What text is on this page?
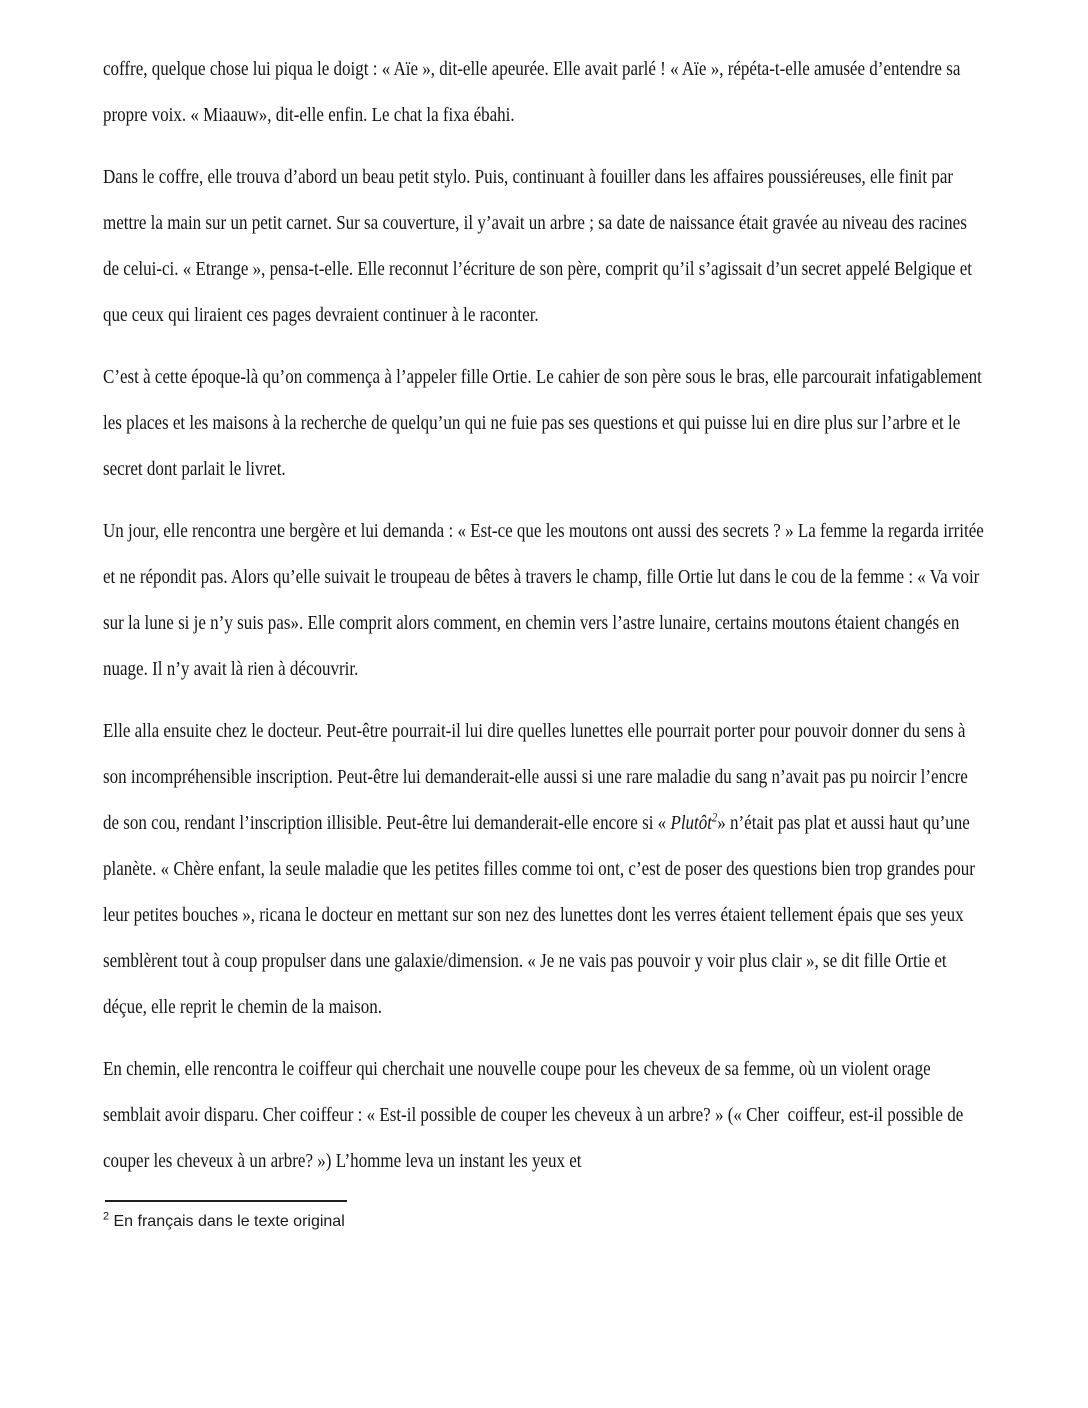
coffre, quelque chose lui piqua le doigt : « Aïe », dit-elle apeurée. Elle avait parlé ! « Aïe », répéta-t-elle amusée d’entendre sa propre voix. « Miaauw», dit-elle enfin. Le chat la fixa ébahi.

Dans le coffre, elle trouva d’abord un beau petit stylo. Puis, continuant à fouiller dans les affaires poussiéreuses, elle finit par mettre la main sur un petit carnet. Sur sa couverture, il y’avait un arbre ; sa date de naissance était gravée au niveau des racines de celui-ci. « Etrange », pensa-t-elle. Elle reconnut l’écriture de son père, comprit qu’il s’agissait d’un secret appelé Belgique et que ceux qui liraient ces pages devraient continuer à le raconter.

C’est à cette époque-là qu’on commença à l’appeler fille Ortie. Le cahier de son père sous le bras, elle parcourait infatigablement les places et les maisons à la recherche de quelqu’un qui ne fuie pas ses questions et qui puisse lui en dire plus sur l’arbre et le secret dont parlait le livret.

Un jour, elle rencontra une bergère et lui demanda : « Est-ce que les moutons ont aussi des secrets ? » La femme la regarda irritée et ne répondit pas. Alors qu’elle suivait le troupeau de bêtes à travers le champ, fille Ortie lut dans le cou de la femme : « Va voir sur la lune si je n’y suis pas». Elle comprit alors comment, en chemin vers l’astre lunaire, certains moutons étaient changés en nuage. Il n’y avait là rien à découvrir.

Elle alla ensuite chez le docteur. Peut-être pourrait-il lui dire quelles lunettes elle pourrait porter pour pouvoir donner du sens à son incompréhensible inscription. Peut-être lui demanderait-elle aussi si une rare maladie du sang n’avait pas pu noircir l’encre de son cou, rendant l’inscription illisible. Peut-être lui demanderait-elle encore si « Plutôt$^2$» n’était pas plat et aussi haut qu’une planète. « Chère enfant, la seule maladie que les petites filles comme toi ont, c’est de poser des questions bien trop grandes pour leur petites bouches », ricana le docteur en mettant sur son nez des lunettes dont les verres étaient tellement épais que ses yeux semblèrent tout à coup propulser dans une galaxie/dimension. « Je ne vais pas pouvoir y voir plus clair », se dit fille Ortie et déçue, elle reprit le chemin de la maison.

En chemin, elle rencontra le coiffeur qui cherchait une nouvelle coupe pour les cheveux de sa femme, où un violent orage semblait avoir disparu. Cher coiffeur : « Est-il possible de couper les cheveux à un arbre? » (« Cher  coiffeur, est-il possible de couper les cheveux à un arbre? ») L’homme leva un instant les yeux et

$^2$ En français dans le texte original
